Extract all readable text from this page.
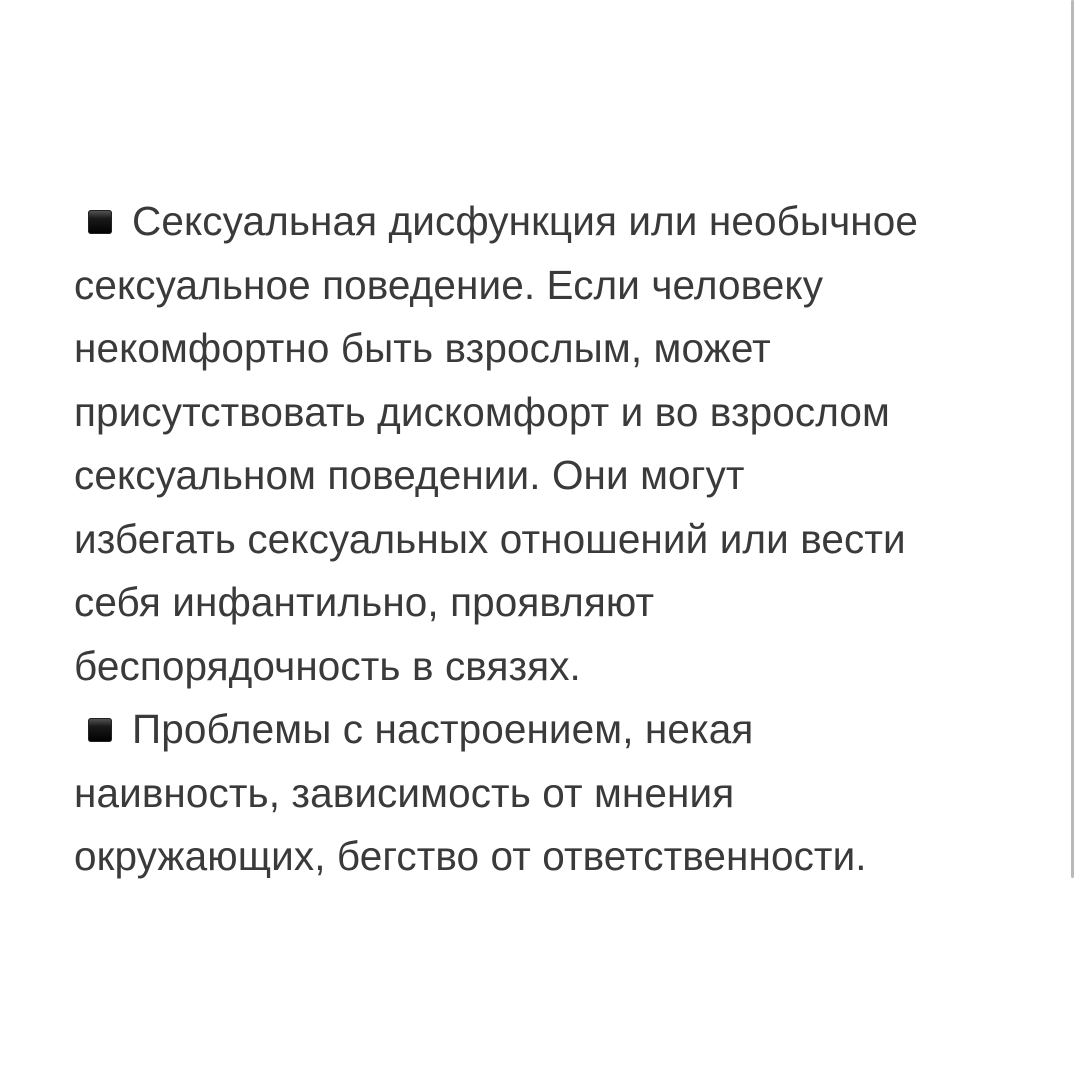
Сексуальная дисфункция или необычное
сексуальное поведение. Если человеку
некомфортно быть взрослым, может
присутствовать дискомфорт и во взрослом
сексуальном поведении. Они могут
избегать сексуальных отношений или вести
себя инфантильно, проявляют
беспорядочность в связях.
Проблемы с настроением, некая
наивность, зависимость от мнения
окружающих, бегство от ответственности.
